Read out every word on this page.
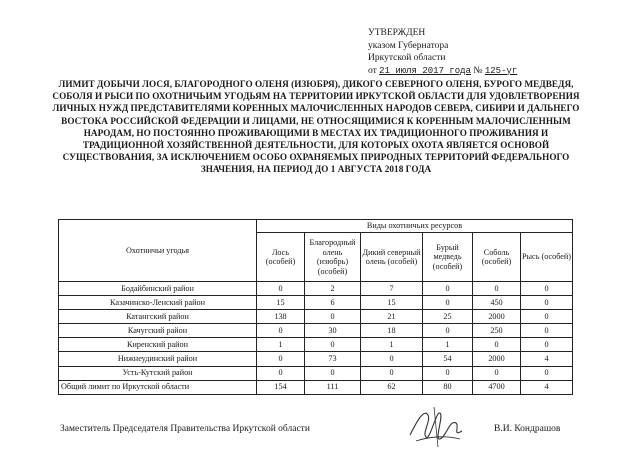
УТВЕРЖДЕН
указом Губернатора
Иркутской области
от 21 июля 2017 года № 125-уг
ЛИМИТ ДОБЫЧИ ЛОСЯ, БЛАГОРОДНОГО ОЛЕНЯ (ИЗЮБРЯ), ДИКОГО СЕВЕРНОГО ОЛЕНЯ, БУРОГО МЕДВЕДЯ, СОБОЛЯ И РЫСИ ПО ОХОТНИЧЬИМ УГОДЬЯМ НА ТЕРРИТОРИИ ИРКУТСКОЙ ОБЛАСТИ ДЛЯ УДОВЛЕТВОРЕНИЯ ЛИЧНЫХ НУЖД ПРЕДСТАВИТЕЛЯМИ КОРЕННЫХ МАЛОЧИСЛЕННЫХ НАРОДОВ СЕВЕРА, СИБИРИ И ДАЛЬНЕГО ВОСТОКА РОССИЙСКОЙ ФЕДЕРАЦИИ И ЛИЦАМИ, НЕ ОТНОСЯЩИМИСЯ К КОРЕННЫМ МАЛОЧИСЛЕННЫМ НАРОДАМ, НО ПОСТОЯННО ПРОЖИВАЮЩИМИ В МЕСТАХ ИХ ТРАДИЦИОННОГО ПРОЖИВАНИЯ И ТРАДИЦИОННОЙ ХОЗЯЙСТВЕННОЙ ДЕЯТЕЛЬНОСТИ, ДЛЯ КОТОРЫХ ОХОТА ЯВЛЯЕТСЯ ОСНОВОЙ СУЩЕСТВОВАНИЯ, ЗА ИСКЛЮЧЕНИЕМ ОСОБО ОХРАНЯЕМЫХ ПРИРОДНЫХ ТЕРРИТОРИЙ ФЕДЕРАЛЬНОГО ЗНАЧЕНИЯ, НА ПЕРИОД ДО 1 АВГУСТА 2018 ГОДА
Охотничьи угодья	Виды охотничьих ресурсов					
	Лось (особей)	Благородный олень (изюбрь) (особей)	Дикий северный олень (особей)	Бурый медведь (особей)	Соболь (особей)	Рысь (особей)
Бодайбинский район	0	2	7	0	0	0
Казачинско-Ленский район	15	6	15	0	450	0
Катангский район	138	0	21	25	2000	0
Качугский район	0	30	18	0	250	0
Киренский район	1	0	1	1	0	0
Нижнеудинский район	0	73	0	54	2000	4
Усть-Кутский район	0	0	0	0	0	0
Общий лимит по Иркутской области	154	111	62	80	4700	4
Заместитель Председателя Правительства Иркутской области	В.И. Кондрашов
